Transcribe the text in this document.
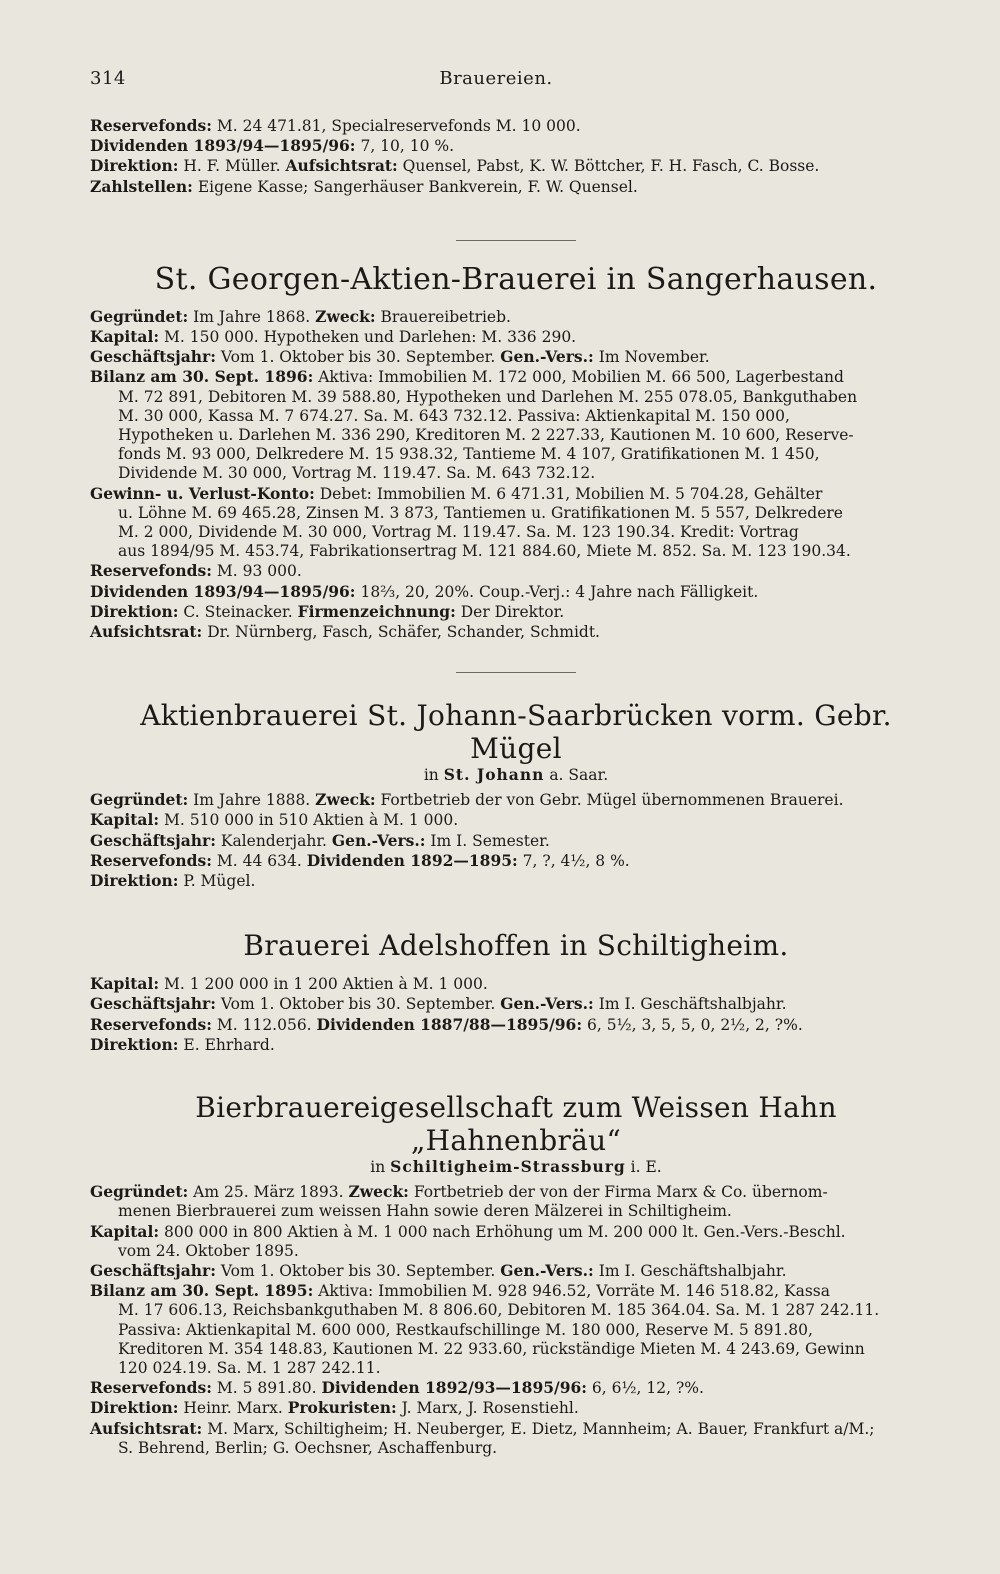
314	Brauereien.

Reservefonds: M. 24 471.81, Specialreservefonds M. 10 000.

Dividenden 1893/94—1895/96: 7, 10, 10 %.

Direktion: H. F. Müller. Aufsichtsrat: Quensel, Pabst, K. W. Böttcher, F. H. Fasch, C. Bosse.

Zahlstellen: Eigene Kasse; Sangerhäuser Bankverein, F. W. Quensel.

St. Georgen-Aktien-Brauerei in Sangerhausen.

Gegründet: Im Jahre 1868. Zweck: Brauereibetrieb.

Kapital: M. 150 000. Hypotheken und Darlehen: M. 336 290.

Geschäftsjahr: Vom 1. Oktober bis 30. September. Gen.-Vers.: Im November.

Bilanz am 30. Sept. 1896: Aktiva: Immobilien M. 172 000, Mobilien M. 66 500, Lagerbestand

M. 72 891, Debitoren M. 39 588.80, Hypotheken und Darlehen M. 255 078.05, Bankguthaben

M. 30 000, Kassa M. 7 674.27. Sa. M. 643 732.12. Passiva: Aktienkapital M. 150 000,

Hypotheken u. Darlehen M. 336 290, Kreditoren M. 2 227.33, Kautionen M. 10 600, Reserve-

fonds M. 93 000, Delkredere M. 15 938.32, Tantieme M. 4 107, Gratifikationen M. 1 450,

Dividende M. 30 000, Vortrag M. 119.47. Sa. M. 643 732.12.

Gewinn- u. Verlust-Konto: Debet: Immobilien M. 6 471.31, Mobilien M. 5 704.28, Gehälter

u. Löhne M. 69 465.28, Zinsen M. 3 873, Tantiemen u. Gratifikationen M. 5 557, Delkredere

M. 2 000, Dividende M. 30 000, Vortrag M. 119.47. Sa. M. 123 190.34. Kredit: Vortrag

aus 1894/95 M. 453.74, Fabrikationsertrag M. 121 884.60, Miete M. 852. Sa. M. 123 190.34.

Reservefonds: M. 93 000.

Dividenden 1893/94—1895/96: 18⅔, 20, 20%. Coup.-Verj.: 4 Jahre nach Fälligkeit.

Direktion: C. Steinacker. Firmenzeichnung: Der Direktor.

Aufsichtsrat: Dr. Nürnberg, Fasch, Schäfer, Schander, Schmidt.

Aktienbrauerei St. Johann-Saarbrücken vorm. Gebr. Mügel

in St. Johann a. Saar.

Gegründet: Im Jahre 1888. Zweck: Fortbetrieb der von Gebr. Mügel übernommenen Brauerei.

Kapital: M. 510 000 in 510 Aktien à M. 1 000.

Geschäftsjahr: Kalenderjahr. Gen.-Vers.: Im I. Semester.

Reservefonds: M. 44 634. Dividenden 1892—1895: 7, ?, 4½, 8 %.

Direktion: P. Mügel.

Brauerei Adelshoffen in Schiltigheim.

Kapital: M. 1 200 000 in 1 200 Aktien à M. 1 000.

Geschäftsjahr: Vom 1. Oktober bis 30. September. Gen.-Vers.: Im I. Geschäftshalbjahr.

Reservefonds: M. 112.056. Dividenden 1887/88—1895/96: 6, 5½, 3, 5, 5, 0, 2½, 2, ?%.

Direktion: E. Ehrhard.

Bierbrauereigesellschaft zum Weissen Hahn „Hahnenbräu“

in Schiltigheim-Strassburg i. E.

Gegründet: Am 25. März 1893. Zweck: Fortbetrieb der von der Firma Marx & Co. übernom-

menen Bierbrauerei zum weissen Hahn sowie deren Mälzerei in Schiltigheim.

Kapital: 800 000 in 800 Aktien à M. 1 000 nach Erhöhung um M. 200 000 lt. Gen.-Vers.-Beschl.

vom 24. Oktober 1895.

Geschäftsjahr: Vom 1. Oktober bis 30. September. Gen.-Vers.: Im I. Geschäftshalbjahr.

Bilanz am 30. Sept. 1895: Aktiva: Immobilien M. 928 946.52, Vorräte M. 146 518.82, Kassa

M. 17 606.13, Reichsbankguthaben M. 8 806.60, Debitoren M. 185 364.04. Sa. M. 1 287 242.11.

Passiva: Aktienkapital M. 600 000, Restkaufschillinge M. 180 000, Reserve M. 5 891.80,

Kreditoren M. 354 148.83, Kautionen M. 22 933.60, rückständige Mieten M. 4 243.69, Gewinn

120 024.19. Sa. M. 1 287 242.11.

Reservefonds: M. 5 891.80. Dividenden 1892/93—1895/96: 6, 6½, 12, ?%.

Direktion: Heinr. Marx. Prokuristen: J. Marx, J. Rosenstiehl.

Aufsichtsrat: M. Marx, Schiltigheim; H. Neuberger, E. Dietz, Mannheim; A. Bauer, Frankfurt a/M.;

S. Behrend, Berlin; G. Oechsner, Aschaffenburg.
